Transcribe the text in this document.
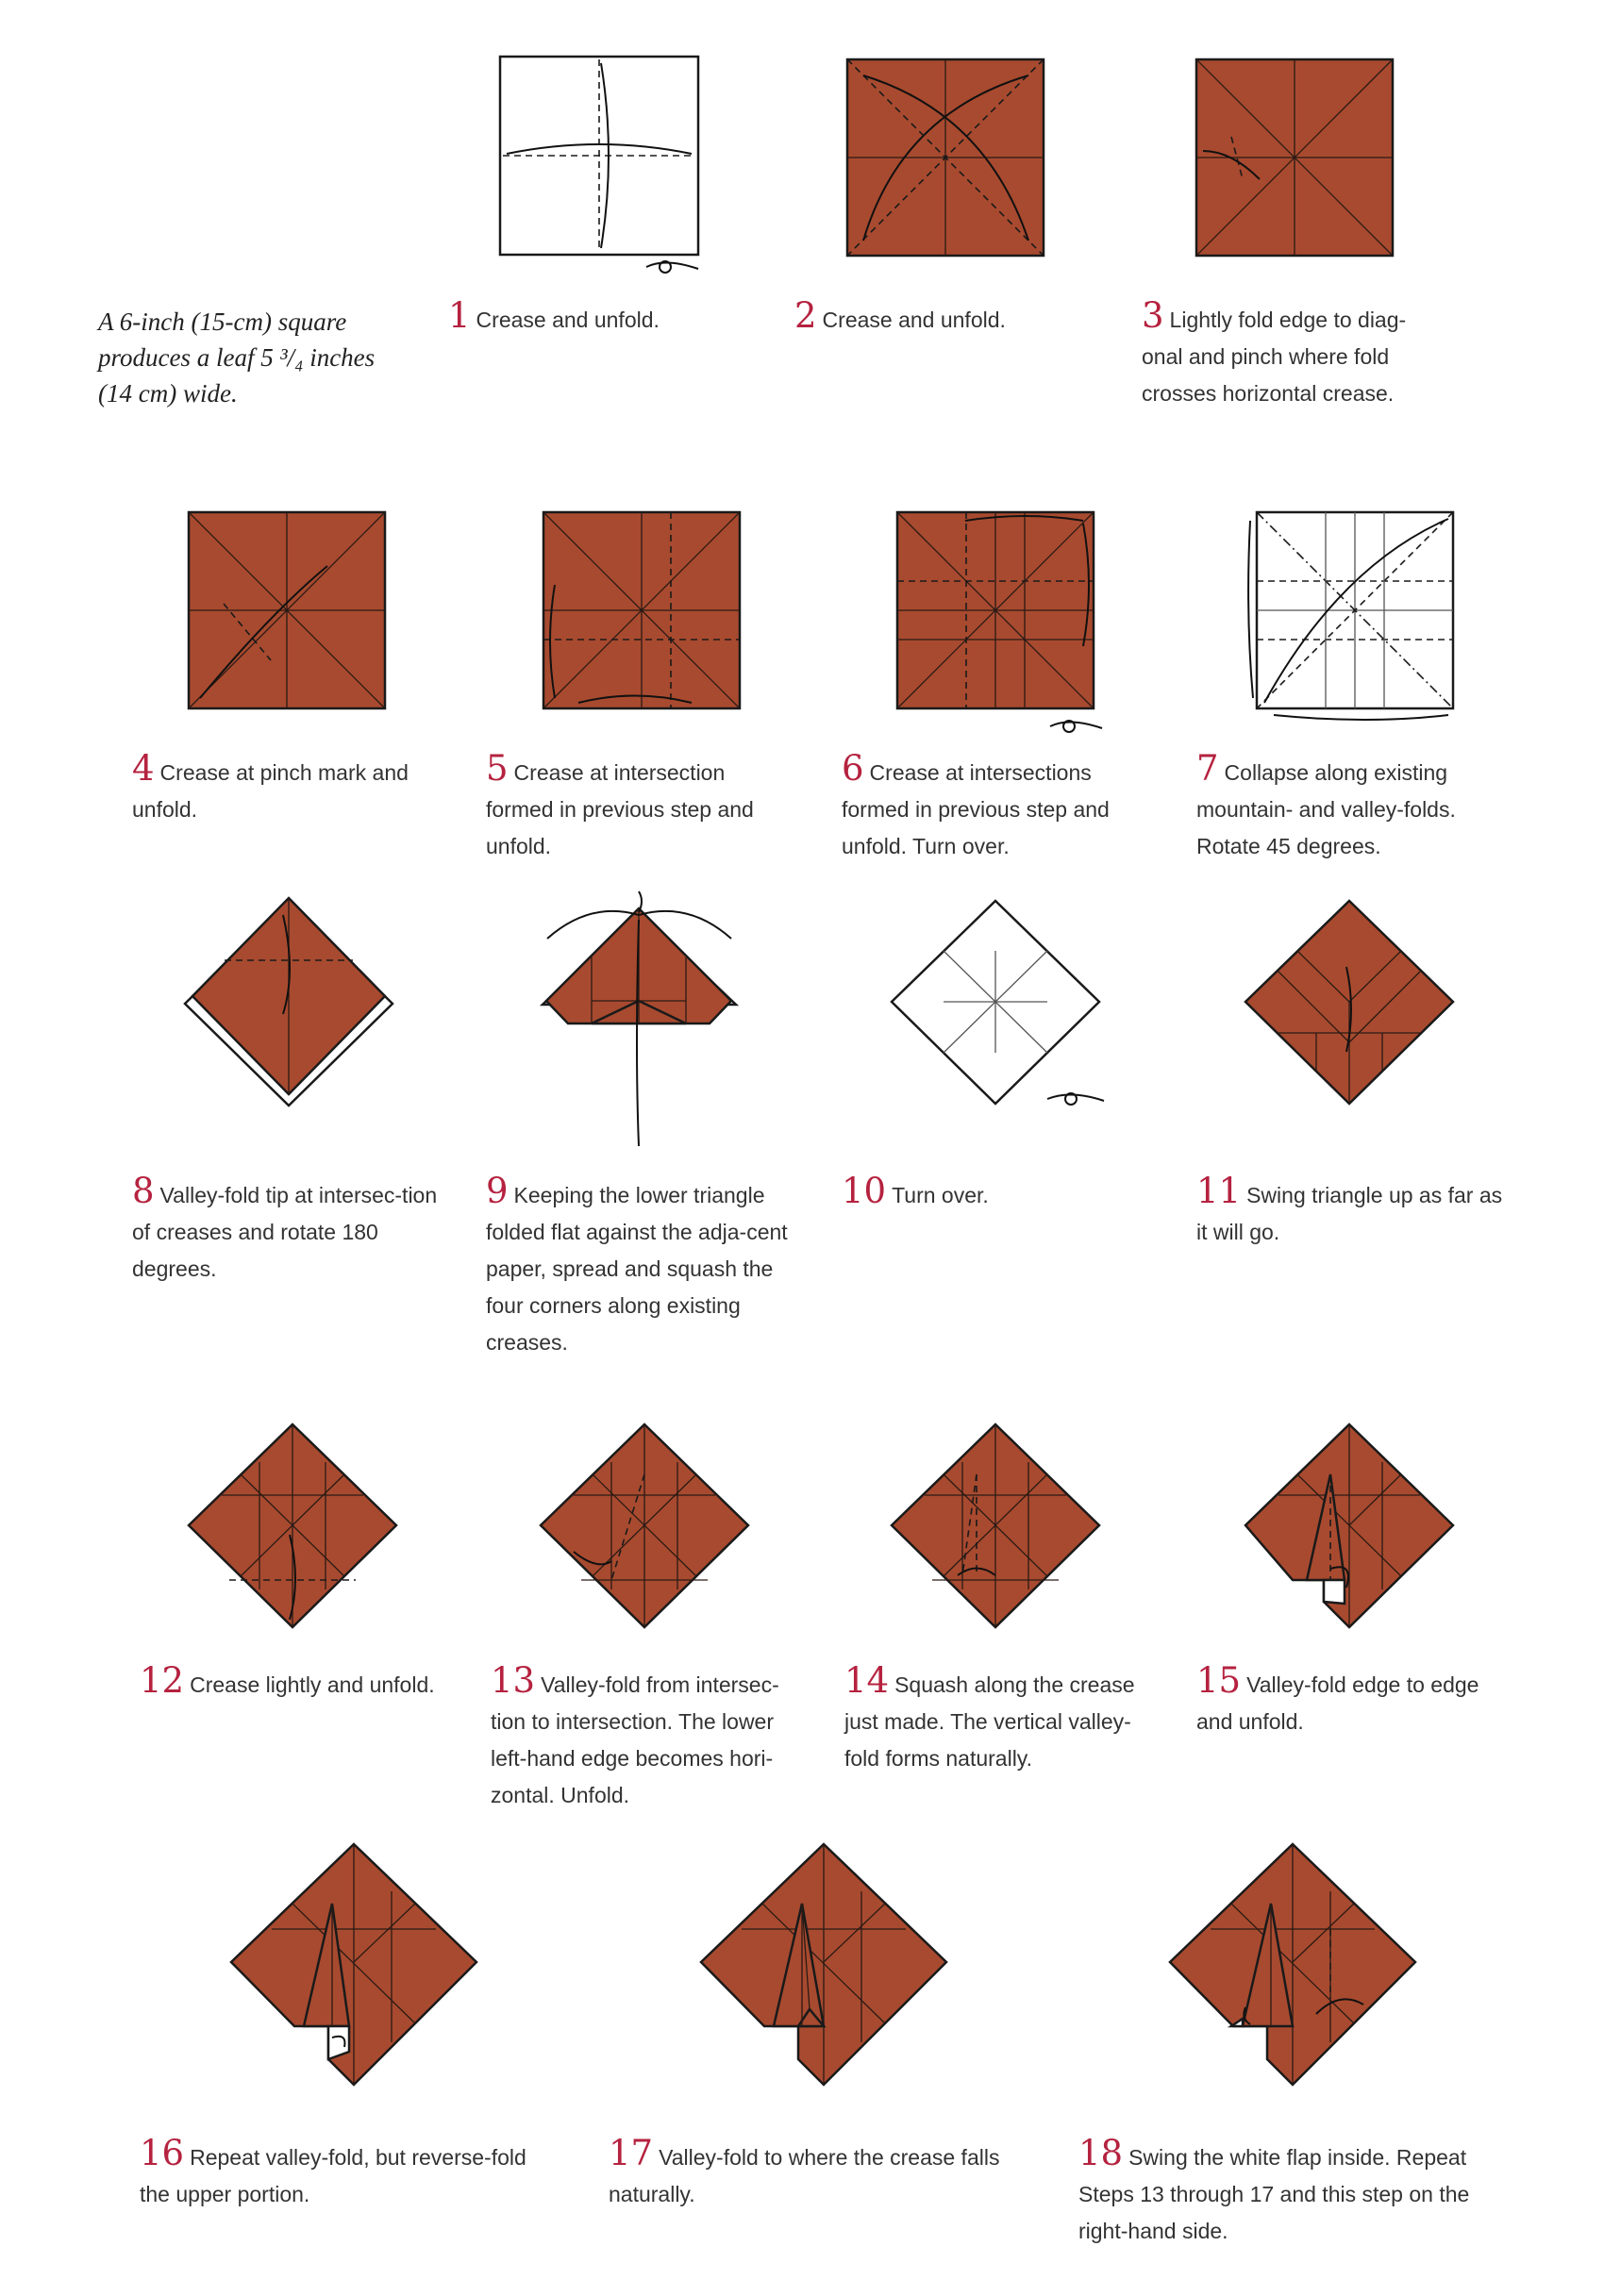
A 6-inch (15-cm) square
produces a leaf 5 ³/₄ inches
(14 cm) wide.
1 Crease and unfold.	2 Crease and unfold.	3 Lightly fold edge to diag-onal and pinch where fold crosses horizontal crease.
4 Crease at pinch mark and unfold.
5 Crease at intersection formed in previous step and unfold.
6 Crease at intersections formed in previous step and unfold. Turn over.
7 Collapse along existing mountain- and valley-folds. Rotate 45 degrees.
8 Valley-fold tip at intersec-tion of creases and rotate 180 degrees.
9 Keeping the lower triangle folded flat against the adja-cent paper, spread and squash the four corners along existing creases.
10 Turn over.	11 Swing triangle up as far as it will go.
12 Crease lightly and unfold.	13 Valley-fold from intersec-tion to intersection. The lower left-hand edge becomes hori-zontal. Unfold.
14 Squash along the crease just made. The vertical valley-fold forms naturally.
15 Valley-fold edge to edge and unfold.
16 Repeat valley-fold, but reverse-fold the upper portion.
17 Valley-fold to where the crease falls naturally.
18 Swing the white flap inside. Repeat Steps 13 through 17 and this step on the right-hand side.
